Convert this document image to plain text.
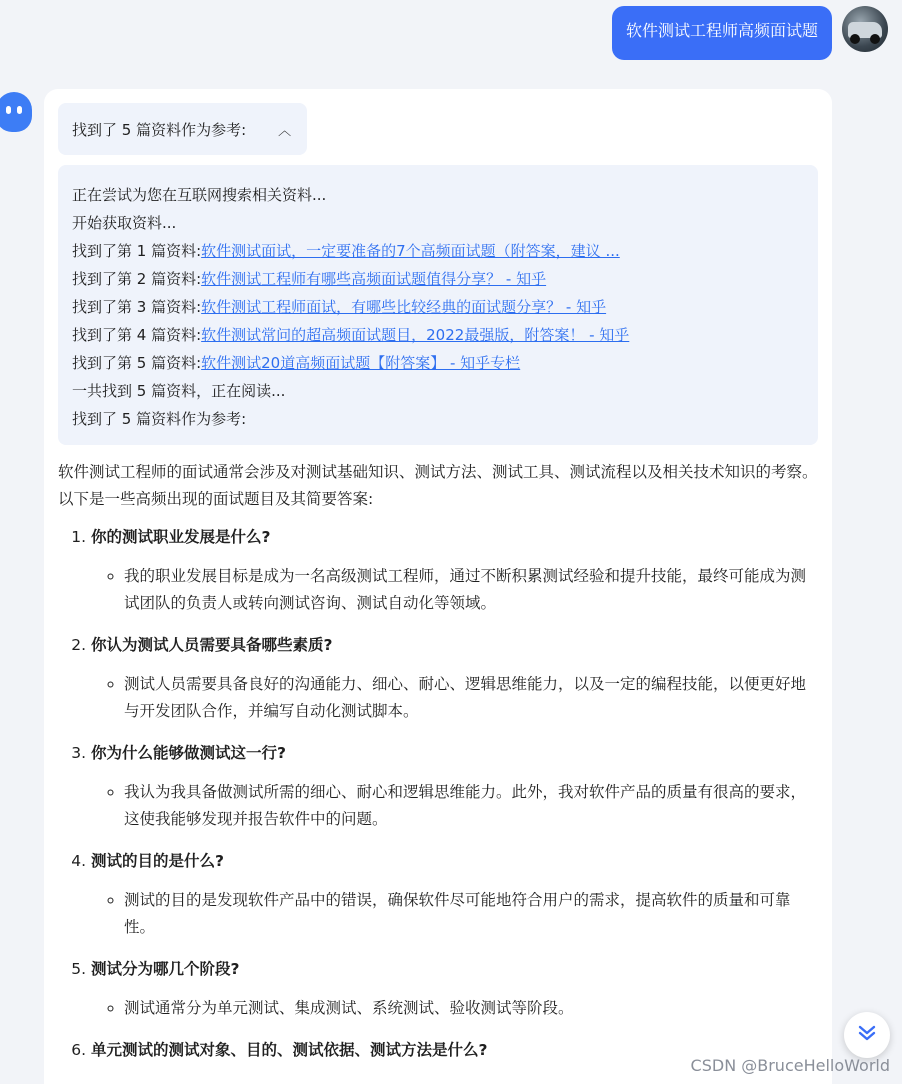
软件测试工程师高频面试题
找到了 5 篇资料作为参考: ︿
正在尝试为您在互联网搜索相关资料...
开始获取资料...
找到了第 1 篇资料:软件测试面试，一定要准备的7个高频面试题（附答案，建议 ...
找到了第 2 篇资料:软件测试工程师有哪些高频面试题值得分享？ - 知乎
找到了第 3 篇资料:软件测试工程师面试，有哪些比较经典的面试题分享？ - 知乎
找到了第 4 篇资料:软件测试常问的超高频面试题目，2022最强版，附答案！ - 知乎
找到了第 5 篇资料:软件测试20道高频面试题【附答案】 - 知乎专栏
一共找到 5 篇资料，正在阅读...
找到了 5 篇资料作为参考:

软件测试工程师的面试通常会涉及对测试基础知识、测试方法、测试工具、测试流程以及相关技术知识的考察。以下是一些高频出现的面试题目及其简要答案:

1. 你的测试职业发展是什么?
◦ 我的职业发展目标是成为一名高级测试工程师，通过不断积累测试经验和提升技能，最终可能成为测试团队的负责人或转向测试咨询、测试自动化等领域。
2. 你认为测试人员需要具备哪些素质?
◦ 测试人员需要具备良好的沟通能力、细心、耐心、逻辑思维能力，以及一定的编程技能，以便更好地与开发团队合作，并编写自动化测试脚本。
3. 你为什么能够做测试这一行?
◦ 我认为我具备做测试所需的细心、耐心和逻辑思维能力。此外，我对软件产品的质量有很高的要求，这使我能够发现并报告软件中的问题。
4. 测试的目的是什么?
◦ 测试的目的是发现软件产品中的错误，确保软件尽可能地符合用户的需求，提高软件的质量和可靠性。
5. 测试分为哪几个阶段?
◦ 测试通常分为单元测试、集成测试、系统测试、验收测试等阶段。
6. 单元测试的测试对象、目的、测试依据、测试方法是什么?
CSDN @BruceHelloWorld
